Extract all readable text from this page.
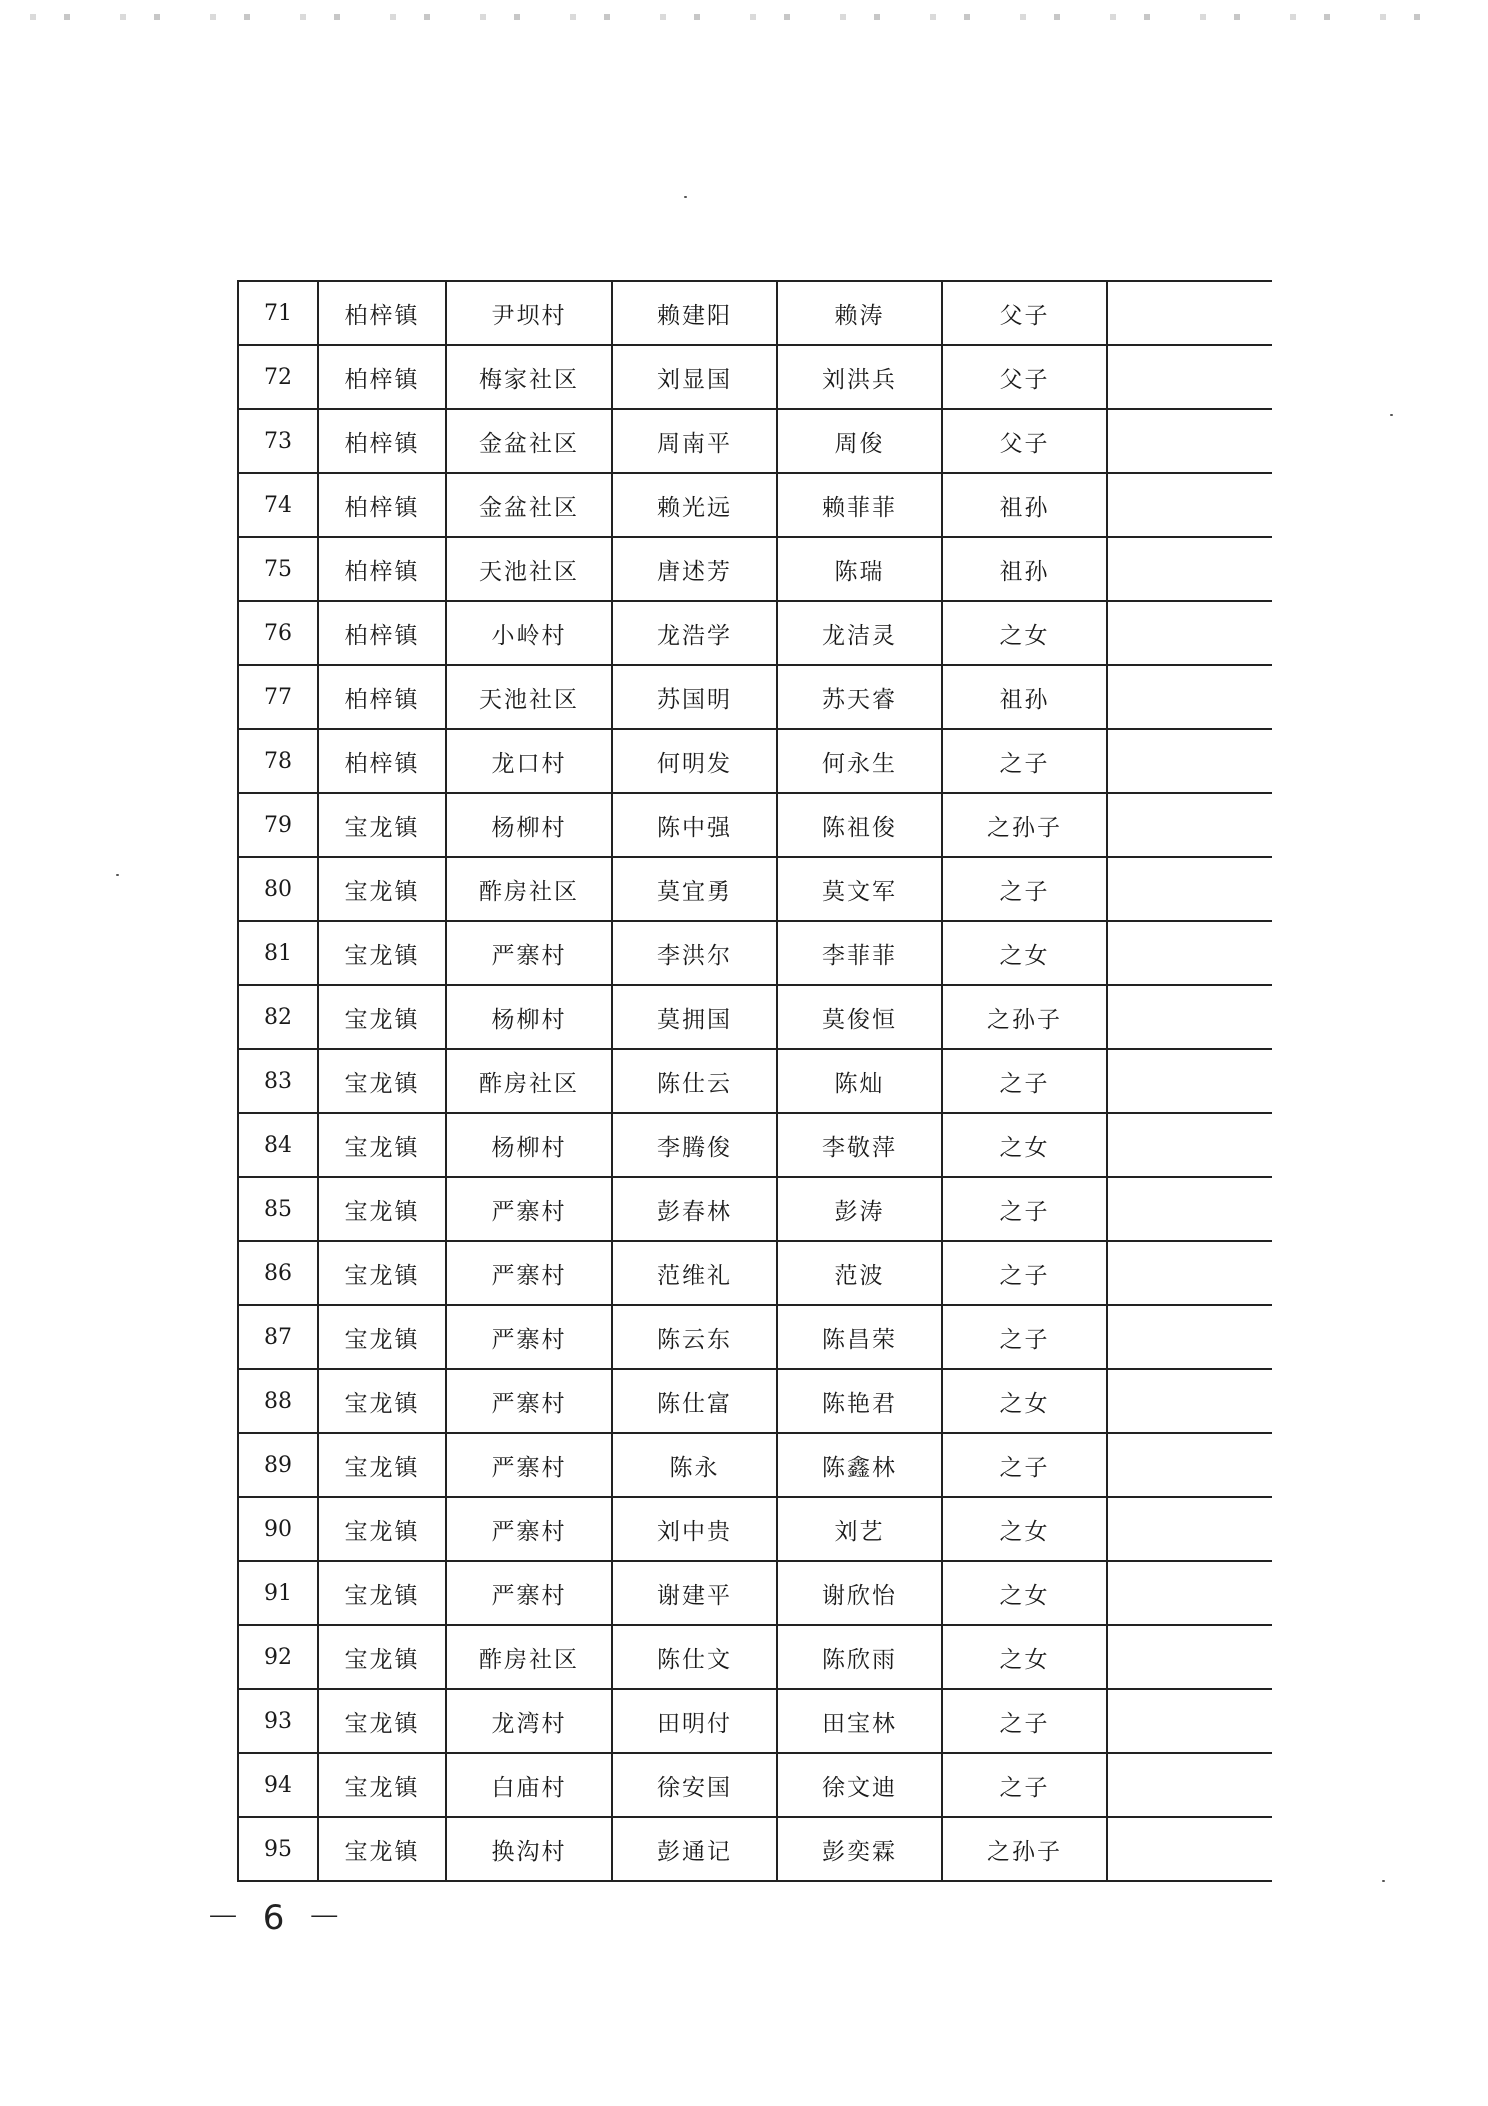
71	柏梓镇	尹坝村	赖建阳	赖涛	父子	
72	柏梓镇	梅家社区	刘显国	刘洪兵	父子	
73	柏梓镇	金盆社区	周南平	周俊	父子	
74	柏梓镇	金盆社区	赖光远	赖菲菲	祖孙	
75	柏梓镇	天池社区	唐述芳	陈瑞	祖孙	
76	柏梓镇	小岭村	龙浩学	龙洁灵	之女	
77	柏梓镇	天池社区	苏国明	苏天睿	祖孙	
78	柏梓镇	龙口村	何明发	何永生	之子	
79	宝龙镇	杨柳村	陈中强	陈祖俊	之孙子	
80	宝龙镇	酢房社区	莫宜勇	莫文军	之子	
81	宝龙镇	严寨村	李洪尔	李菲菲	之女	
82	宝龙镇	杨柳村	莫拥国	莫俊恒	之孙子	
83	宝龙镇	酢房社区	陈仕云	陈灿	之子	
84	宝龙镇	杨柳村	李腾俊	李敬萍	之女	
85	宝龙镇	严寨村	彭春林	彭涛	之子	
86	宝龙镇	严寨村	范维礼	范波	之子	
87	宝龙镇	严寨村	陈云东	陈昌荣	之子	
88	宝龙镇	严寨村	陈仕富	陈艳君	之女	
89	宝龙镇	严寨村	陈永	陈鑫林	之子	
90	宝龙镇	严寨村	刘中贵	刘艺	之女	
91	宝龙镇	严寨村	谢建平	谢欣怡	之女	
92	宝龙镇	酢房社区	陈仕文	陈欣雨	之女	
93	宝龙镇	龙湾村	田明付	田宝林	之子	
94	宝龙镇	白庙村	徐安国	徐文迪	之子	
95	宝龙镇	换沟村	彭通记	彭奕霖	之孙子	
－ 6 －
